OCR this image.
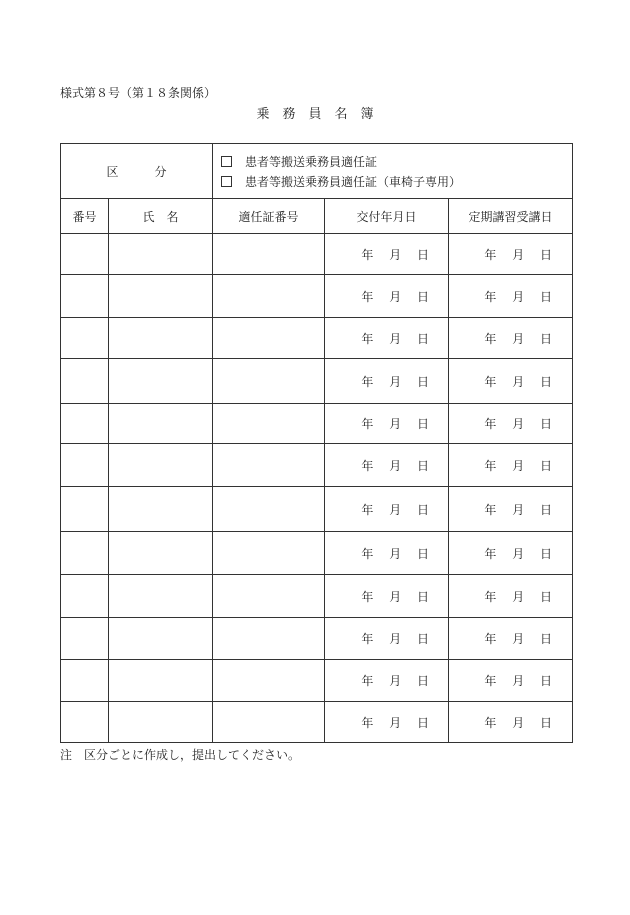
様式第８号（第１８条関係）
乗　務　員　名　簿
区　　　分		患者等搬送乗務員適任証
患者等搬送乗務員適任証（車椅子専用）		

番号	氏　名	適任証番号	交付年月日	定期講習受講日
			年　 月　 日	年　 月　 日
			年　 月　 日	年　 月　 日
			年　 月　 日	年　 月　 日
			年　 月　 日	年　 月　 日
			年　 月　 日	年　 月　 日
			年　 月　 日	年　 月　 日
			年　 月　 日	年　 月　 日
			年　 月　 日	年　 月　 日
			年　 月　 日	年　 月　 日
			年　 月　 日	年　 月　 日
			年　 月　 日	年　 月　 日
			年　 月　 日	年　 月　 日
注　区分ごとに作成し，提出してください。
